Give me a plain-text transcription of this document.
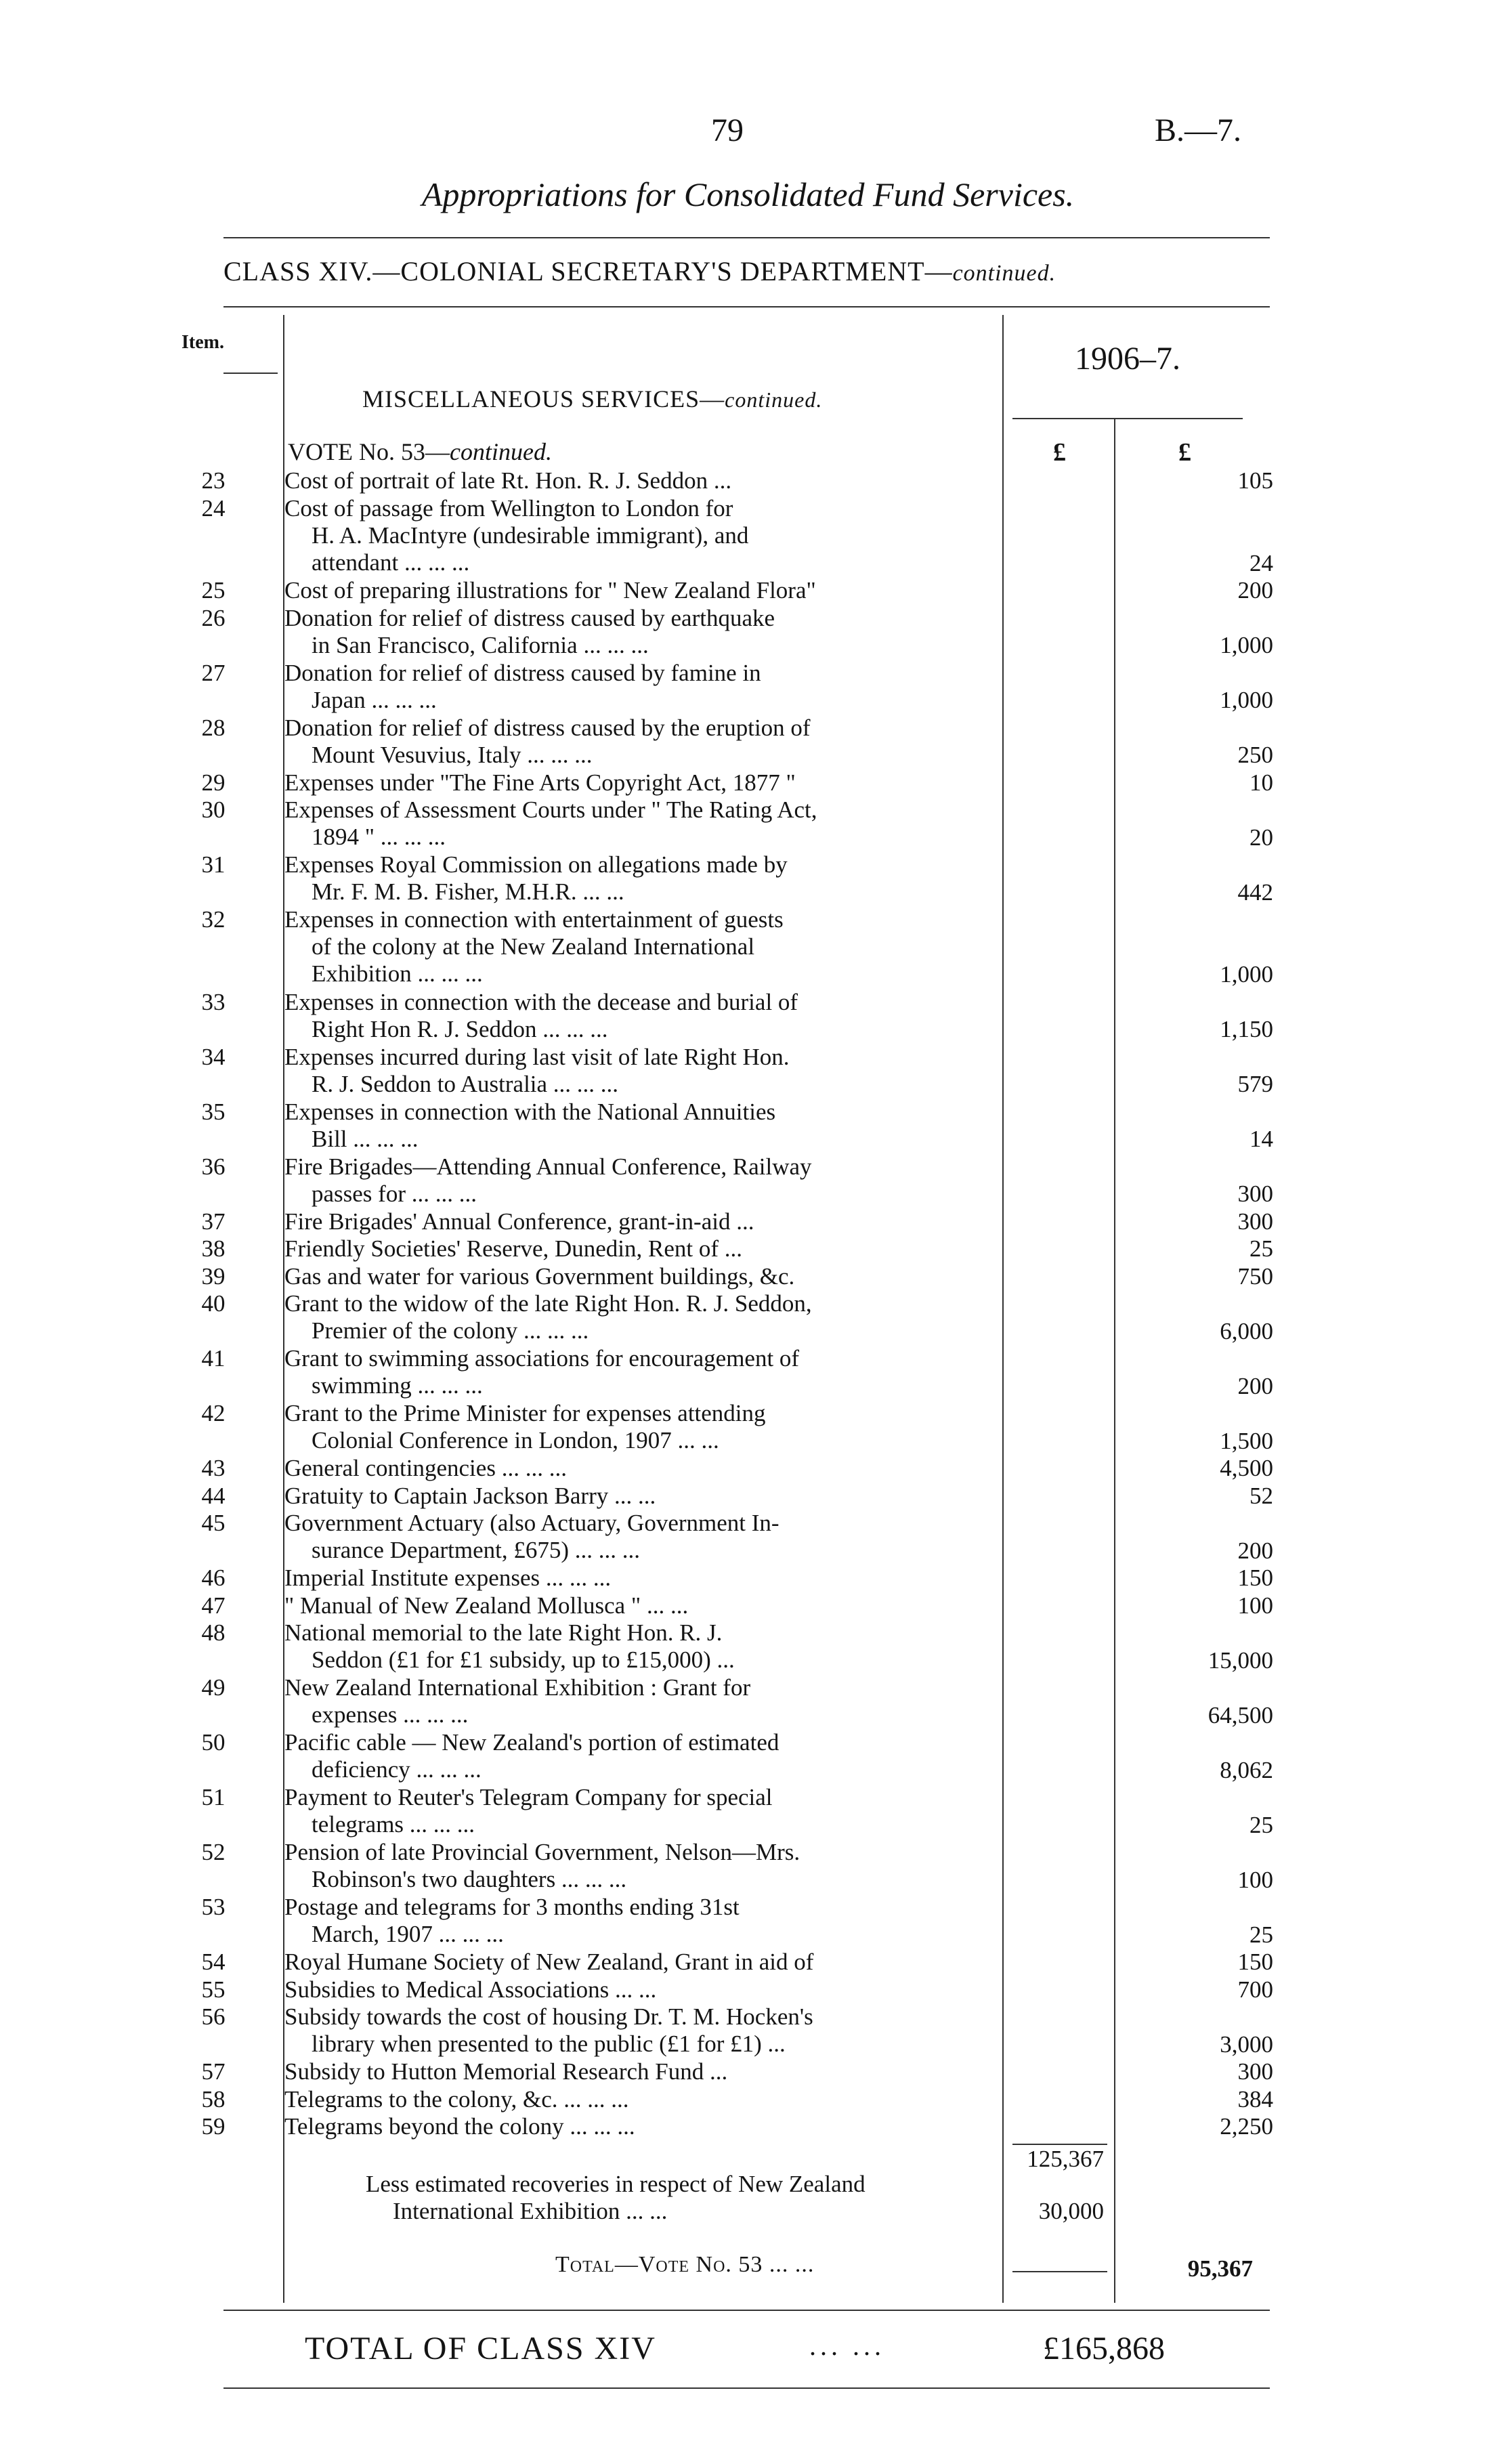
79	B.—7.
Appropriations for Consolidated Fund Services.
CLASS XIV.—COLONIAL SECRETARY'S DEPARTMENT—continued.
Item.	1906–7.
MISCELLANEOUS SERVICES—continued.
VOTE No. 53—continued.	£	£
23	Cost of portrait of late Rt. Hon. R. J. Seddon ...	105
24	Cost of passage from Wellington to London for
H. A. MacIntyre (undesirable immigrant), and
attendant ... ... ...	24
25	Cost of preparing illustrations for " New Zealand Flora"	200
26	Donation for relief of distress caused by earthquake
in San Francisco, California ... ... ...	1,000
27	Donation for relief of distress caused by famine in
Japan ... ... ...	1,000
28	Donation for relief of distress caused by the eruption of
Mount Vesuvius, Italy ... ... ...	250
29	Expenses under "The Fine Arts Copyright Act, 1877 "	10
30	Expenses of Assessment Courts under " The Rating Act,
1894 " ... ... ...	20
31	Expenses Royal Commission on allegations made by
Mr. F. M. B. Fisher, M.H.R. ... ...	442
32	Expenses in connection with entertainment of guests
of the colony at the New Zealand International
Exhibition ... ... ...	1,000
33	Expenses in connection with the decease and burial of
Right Hon R. J. Seddon ... ... ...	1,150
34	Expenses incurred during last visit of late Right Hon.
R. J. Seddon to Australia ... ... ...	579
35	Expenses in connection with the National Annuities
Bill ... ... ...	14
36	Fire Brigades—Attending Annual Conference, Railway
passes for ... ... ...	300
37	Fire Brigades' Annual Conference, grant-in-aid ...	300
38	Friendly Societies' Reserve, Dunedin, Rent of ...	25
39	Gas and water for various Government buildings, &c.	750
40	Grant to the widow of the late Right Hon. R. J. Seddon,
Premier of the colony ... ... ...	6,000
41	Grant to swimming associations for encouragement of
swimming ... ... ...	200
42	Grant to the Prime Minister for expenses attending
Colonial Conference in London, 1907 ... ...	1,500
43	General contingencies ... ... ...	4,500
44	Gratuity to Captain Jackson Barry ... ...	52
45	Government Actuary (also Actuary, Government In-
surance Department, £675) ... ... ...	200
46	Imperial Institute expenses ... ... ...	150
47	" Manual of New Zealand Mollusca " ... ...	100
48	National memorial to the late Right Hon. R. J.
Seddon (£1 for £1 subsidy, up to £15,000) ...	15,000
49	New Zealand International Exhibition : Grant for
expenses ... ... ...	64,500
50	Pacific cable — New Zealand's portion of estimated
deficiency ... ... ...	8,062
51	Payment to Reuter's Telegram Company for special
telegrams ... ... ...	25
52	Pension of late Provincial Government, Nelson—Mrs.
Robinson's two daughters ... ... ...	100
53	Postage and telegrams for 3 months ending 31st
March, 1907 ... ... ...	25
54	Royal Humane Society of New Zealand, Grant in aid of	150
55	Subsidies to Medical Associations ... ...	700
56	Subsidy towards the cost of housing Dr. T. M. Hocken's
library when presented to the public (£1 for £1) ...	3,000
57	Subsidy to Hutton Memorial Research Fund ...	300
58	Telegrams to the colony, &c. ... ... ...	384
59	Telegrams beyond the colony ... ... ...	2,250
125,367
Less estimated recoveries in respect of New Zealand
International Exhibition ... ...	30,000
Total—Vote No. 53 ... ...	95,367
TOTAL OF CLASS XIV	... ...	£165,868
